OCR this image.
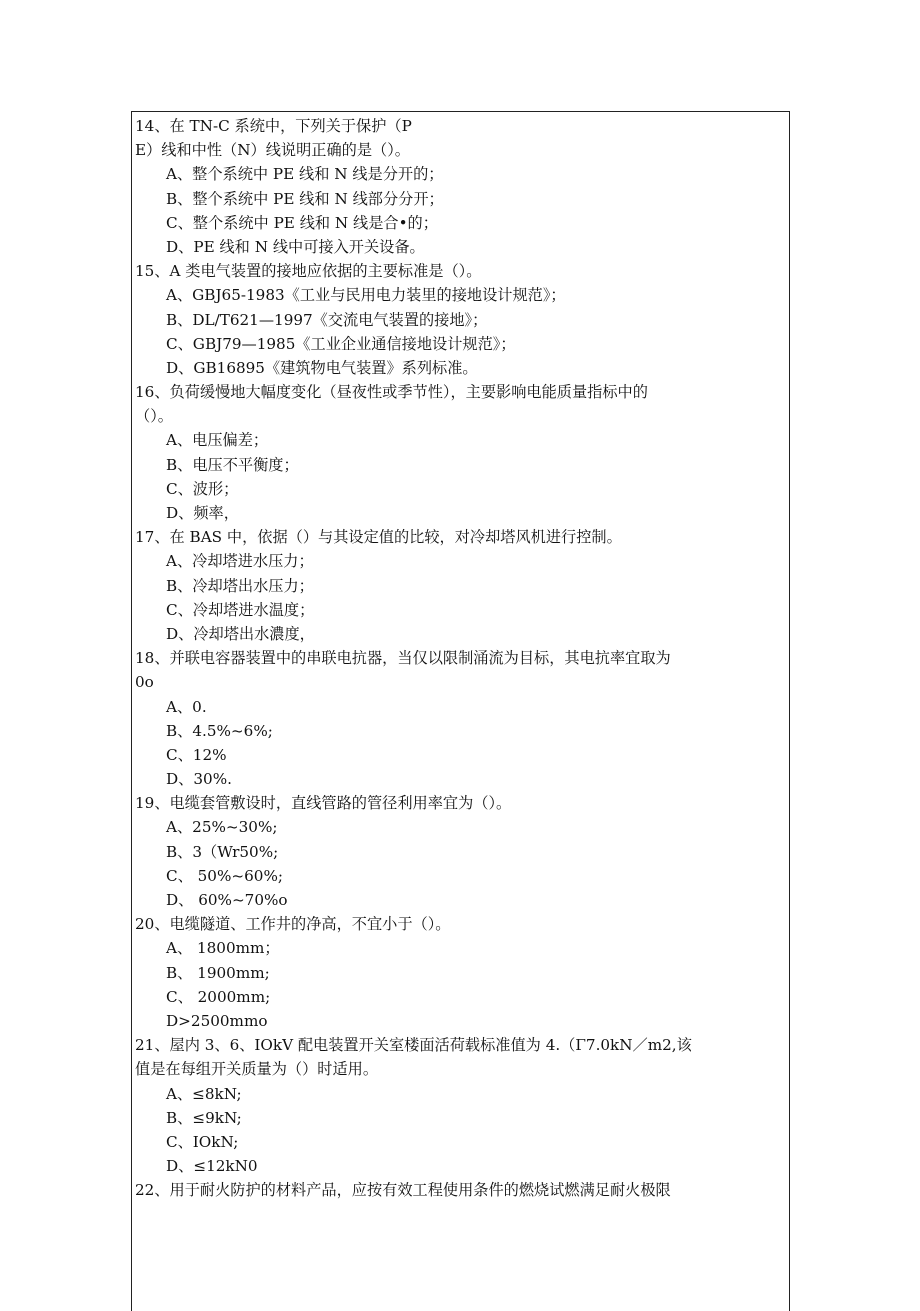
14、在 TN-C 系统中，下列关于保护（P
E）线和中性（N）线说明正确的是（）。
A、整个系统中 PE 线和 N 线是分开的；
B、整个系统中 PE 线和 N 线部分分开；
C、整个系统中 PE 线和 N 线是合•的；
D、PE 线和 N 线中可接入开关设备。
15、A 类电气装置的接地应依据的主要标准是（）。
A、GBJ65-1983《工业与民用电力装里的接地设计规范》；
B、DL/T621—1997《交流电气装置的接地》；
C、GBJ79—1985《工业企业通信接地设计规范》；
D、GB16895《建筑物电气装置》系列标准。
16、负荷缓慢地大幅度变化（昼夜性或季节性），主要影响电能质量指标中的
（）。
A、电压偏差；
B、电压不平衡度；
C、波形；
D、频率，
17、在 BAS 中，依据（）与其设定值的比较，对冷却塔风机进行控制。
A、冷却塔进水压力；
B、冷却塔出水压力；
C、冷却塔进水温度；
D、冷却塔出水濃度，
18、并联电容器装置中的串联电抗器，当仅以限制涌流为目标，其电抗率宜取为
0o
A、0.
B、4.5%~6%;
C、12%
D、30%.
19、电缆套管敷设时，直线管路的管径利用率宜为（）。
A、25%~30%;
B、3（Wr50%;
C、 50%~60%;
D、 60%~70%o
20、电缆隧道、工作井的净高，不宜小于（）。
A、 1800mm；
B、 1900mm;
C、 2000mm;
D>2500mmo
21、屋内 3、6、IOkV 配电装置开关室楼面活荷载标准值为 4.（Γ7.0kN／m2,该
值是在每组开关质量为（）时适用。
A、≤8kN;
B、≤9kN;
C、IOkN;
D、≤12kN0
22、用于耐火防护的材料产品，应按有效工程使用条件的燃烧试燃满足耐火极限
